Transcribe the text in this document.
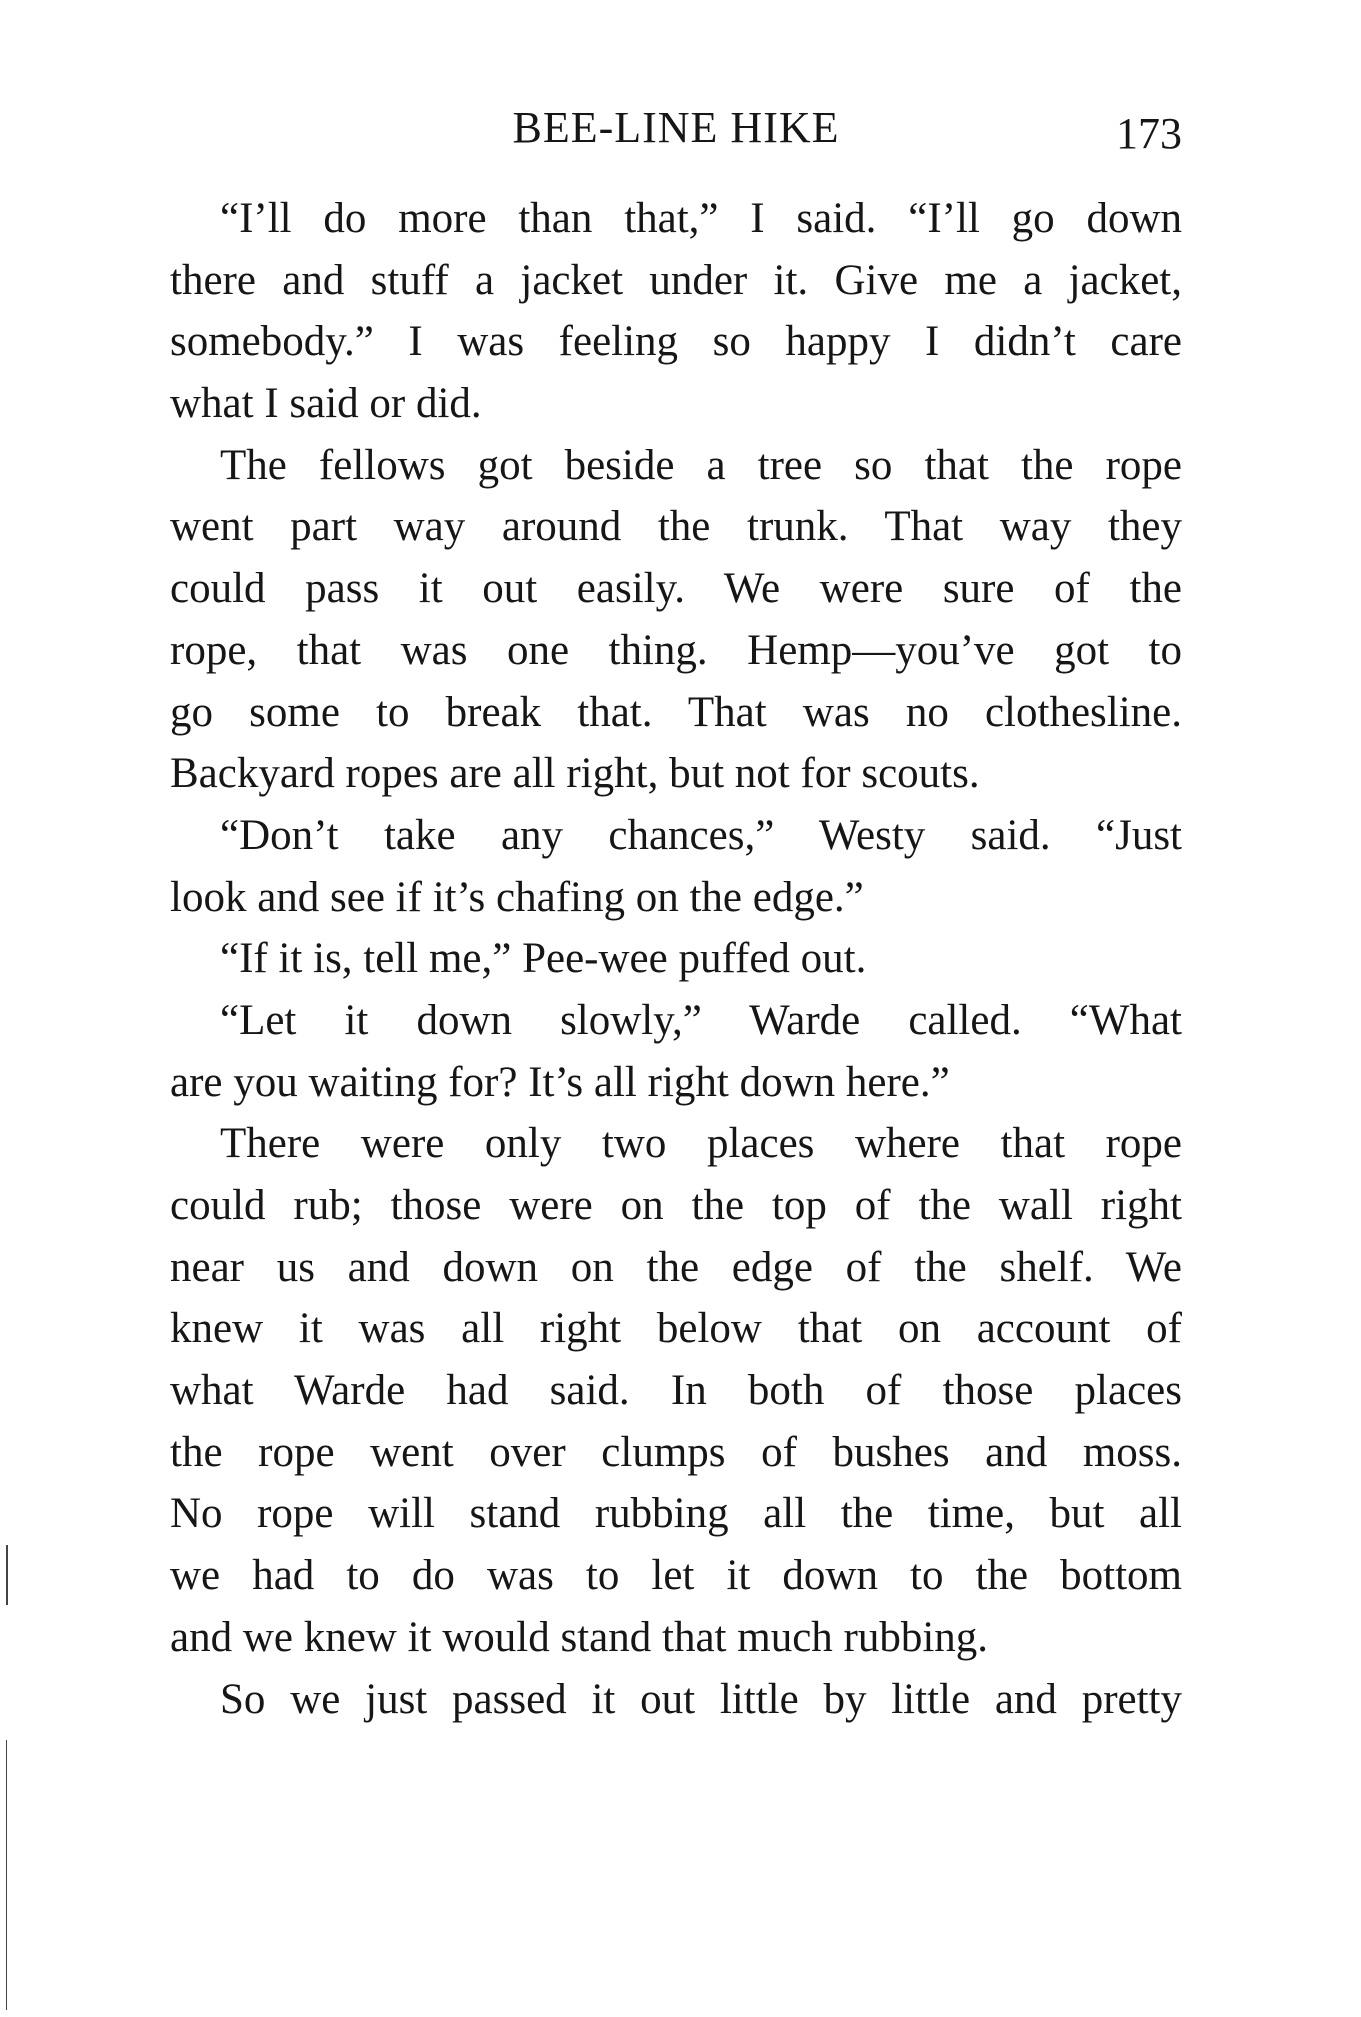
BEE-LINE HIKE	173
“I’ll do more than that,” I said. “I’ll go down
there and stuff a jacket under it. Give me a jacket,
somebody.” I was feeling so happy I didn’t care
what I said or did.
The fellows got beside a tree so that the rope
went part way around the trunk. That way they
could pass it out easily. We were sure of the
rope, that was one thing. Hemp—you’ve got to
go some to break that. That was no clothesline.
Backyard ropes are all right, but not for scouts.
“Don’t take any chances,” Westy said. “Just
look and see if it’s chafing on the edge.”
“If it is, tell me,” Pee-wee puffed out.
“Let it down slowly,” Warde called. “What
are you waiting for? It’s all right down here.”
There were only two places where that rope
could rub; those were on the top of the wall right
near us and down on the edge of the shelf. We
knew it was all right below that on account of
what Warde had said. In both of those places
the rope went over clumps of bushes and moss.
No rope will stand rubbing all the time, but all
we had to do was to let it down to the bottom
and we knew it would stand that much rubbing.
So we just passed it out little by little and pretty
